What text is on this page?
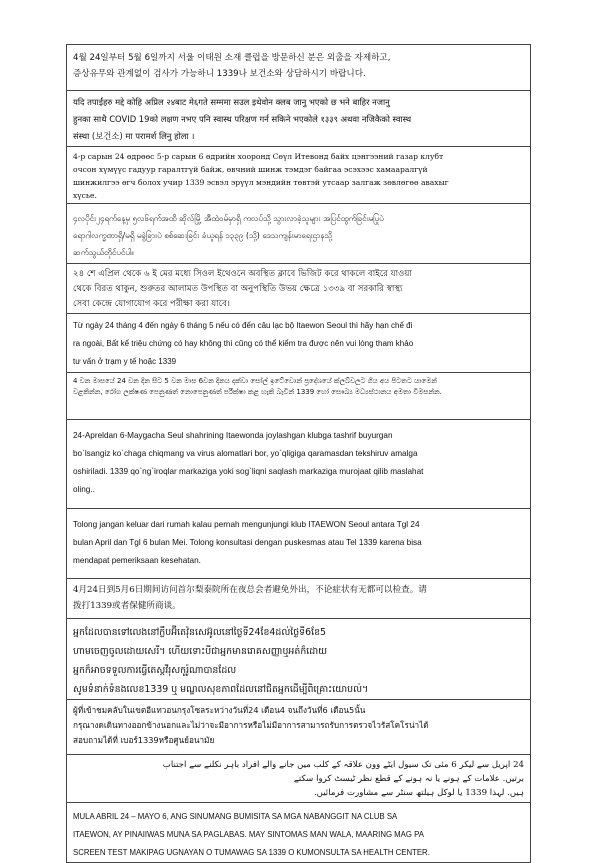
4월 24일부터 5월 6일까지 서울 이태원 소재 클럽을 방문하신 분은 외출을 자제하고,
증상유무와 관계없이 검사가 가능하니 1339나 보건소와 상담하시기 바랍니다.
यदि तपाईंहरु मद्दे कोहि अप्रिल २४बाट मे६गते सम्ममा सउल इथेवोन क्लब जानु भएको छ भने बाहिर नजानु
हुनका साथै COVID 19को लक्षण नभए पनि स्वास्थ परिक्षण गर्न सकिने भएकोले १३३९ अथवा नजिकैको स्वास्थ
संस्था (보건소) मा परामर्श लिनु होला ।
4-р сарын 24 өдрөөс 5-р сарын 6 өдрийн хооронд Сөүл Итевонд байх цэнгээний газар клубт
очсон хүмүүс гадуур гаралтгүй байж, өвчний шинж тэмдэг байгаа эсэхээс хамааралгүй
шинжилгээ өгч болох учир 1339 эсвэл эрүүл мэндийн төвтэй утсаар залгаж зөвлөгөө авахыг
хүсье.
၄လပိုင်း၂၄ရက်နေ့မှ ၅လ၆ရက်အထိ ဆိုလ်မြို့ အီထဲဝမ်မှာရှိ ကလပ်သို့ သွားလာခဲ့သူများ အပြင်ထွက်ခြင်းမပြုပဲ
ရောဂါလက္ခဏာရှိ/မရှိ မခွဲခြားပဲ စစ်ဆေးခြင်း ခံယူရန် ၁၃၃၉ (သို့) ဒေသကျန်းမာရေးဌာနသို့
ဆက်သွယ်တိုင်ပင်ပါ။
২৪ শে এপ্রিল থেকে ৬ ই মের মধ্যে সিওল ইথেওনে অবস্থিত ক্লাবে ভিজিট করে থাকলে বাইরে যাওয়া
থেকে বিরত থাকুন, শুরুতর আলামত উপস্থিত বা অনুপস্থিতি উভয় ক্ষেত্রে ১৩৩৯ বা সরকারি স্বাস্থ্য
সেবা কেন্দ্রে যোগাযোগ করে পরীক্ষা করা যাবে।
Từ ngày 24 tháng 4 đến ngày 6 tháng 5 nếu có đến câu lạc bộ Itaewon Seoul thì hãy hạn chế đi
ra ngoài, Bất kể triệu chứng có hay không thì cũng có thể kiểm tra được nên vui lòng tham khảo
tư vấn ở trạm y tế hoặc 1339
4 වන මාසයේ 24 වන දින සිට 5 වන මාස 6වන දිනය දක්වා සෝල් ඉටේවොන් ප්‍රදේශයේ ක්ලබ්වලට ගිය අය පිටතට යාමෙන්
වළකින්න, රෝග ලක්ෂණ පෙනුණත් නොපෙනුණත් පරීක්ෂා කළ හැකි බැවින් 1339 හෝ සෞඛ්‍ය මධ්‍යස්ථානය අමතා විමසන්න.
24-Apreldan 6-Maygacha Seul shahrining Itaewonda joylashgan klubga tashrif buyurgan
bo`lsangiz ko`chaga chiqmang va virus alomatlari bor, yo`qligiga qaramasdan tekshiruv amalga
oshiriladi. 1339 qo`ng`iroqlar markaziga yoki sog`liqni saqlash markaziga murojaat qilib maslahat
oling..
Tolong jangan keluar dari rumah kalau pernah mengunjungi klub ITAEWON Seoul antara Tgl 24
bulan April dan Tgl 6 bulan Mei. Tolong konsultasi dengan puskesmas atau Tel 1339 karena bisa
mendapat pemeriksaan kesehatan.
4月24日到5月6日期间访问首尔梨泰院所在夜总会者避免外出，不论症状有无都可以检查。请
拨打1339或者保健所商谈。
អ្នកដែលបានទៅលេងនៅក្លឹបអ៊ីតេវ៉ុនសេអ៊ូលនៅថ្ងៃទី24ខែ4ដល់ថ្ងៃទី6ខែ5
ហាមចេញចូលដោយសេរី។ ហើយទោះបីជាអ្នកមានរោគសញ្ញាឬអត់ក៏ដោយ
អ្នកក៏អាចទទួលការធ្វើតេស្តវីរុសកូរ៉ូណាបានដែល
សូមទំនាក់ទំនងលេខ1339 ឬ មណ្ឌលសុខភាពដែលនៅជិតអ្នកដើម្បីពិគ្រោះយោបល់។
ผู้ที่เข้าชมคลับในเขตอีแทวอนกรุงโซลระหว่างวันที่24 เดือน4 จนถึงวันที่6 เดือน5นั้น
กรุณางดเดินทางออกข้างนอกและไม่ว่าจะมีอาการหรือไม่มีอาการสามารถรับการตรวจไวรัสโคโรน่าได้
สอบถามได้ที่ เบอร์1339หรือศูนย์อนามัย
24 اپریل سے لیکر 6 مئی تک سیول ایٹے وون علاقہ کے کلب میں جانے والے افراد باہر نکلنے سے اجتناب
برتیں. علامات کے ہونے یا نہ ہونے کے قطع نظر ٹیسٹ کروا سکتے
ہیں. لہذا 1339 یا لوکل ہیلتھ سنٹر سے مشاورت فرمائیں.
MULA ABRIL 24 – MAYO 6, ANG SINUMANG BUMISITA SA MGA NABANGGIT NA CLUB SA
ITAEWON, AY PINAIIWAS MUNA SA PAGLABAS. MAY SINTOMAS MAN WALA, MAARING MAG PA
SCREEN TEST MAKIPAG UGNAYAN O TUMAWAG SA 1339 O KUMONSULTA SA HEALTH CENTER.
